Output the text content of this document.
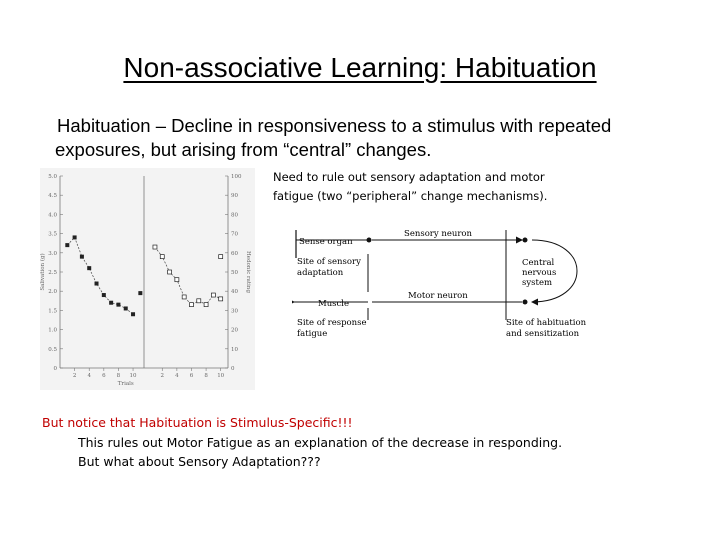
Non-associative Learning: Habituation
Habituation – Decline in responsiveness to a stimulus with repeated
exposures, but arising from “central” changes.
Need to rule out sensory adaptation and motor
fatigue (two “peripheral” change mechanisms).
0	0
0.5	10
1.0	20
1.5	30
2.0	40
2.5	50
3.0	60
3.5	70
4.0	80
4.5	90
5.0	100
2 4 6 8 10	2 4 6 8 10
Trials
Salivation (g)	Hedonic rating
Sense organ
Sensory neuron
Site of sensory
adaptation
Central
nervous
system
Muscle
Motor neuron
Site of response
fatigue
Site of habituation
and sensitization
But notice that Habituation is Stimulus-Specific!!!
This rules out Motor Fatigue as an explanation of the decrease in responding.
But what about Sensory Adaptation???
